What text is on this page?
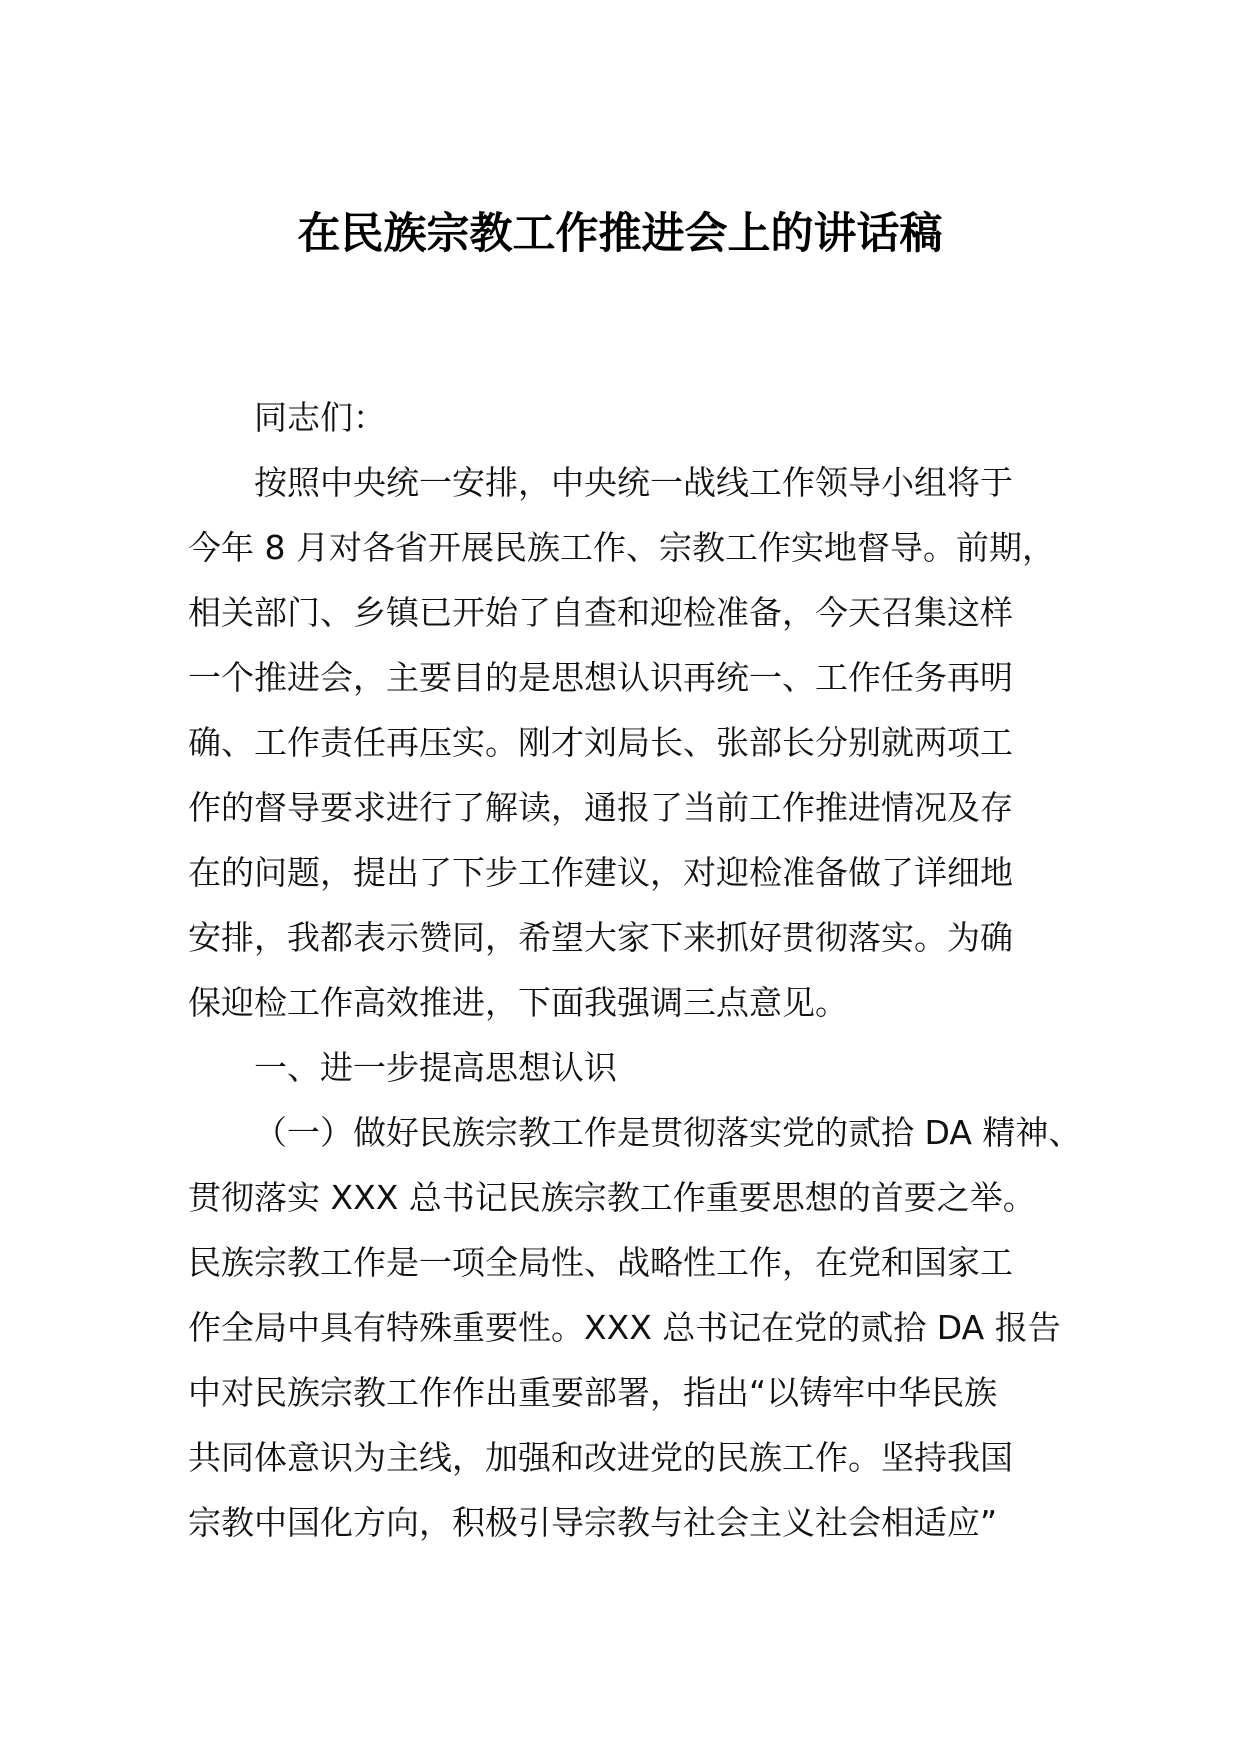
在民族宗教工作推进会上的讲话稿
同志们：
按照中央统一安排，中央统一战线工作领导小组将于
今年 8 月对各省开展民族工作、宗教工作实地督导。前期，
相关部门、乡镇已开始了自查和迎检准备，今天召集这样
一个推进会，主要目的是思想认识再统一、工作任务再明
确、工作责任再压实。刚才刘局长、张部长分别就两项工
作的督导要求进行了解读，通报了当前工作推进情况及存
在的问题，提出了下步工作建议，对迎检准备做了详细地
安排，我都表示赞同，希望大家下来抓好贯彻落实。为确
保迎检工作高效推进，下面我强调三点意见。
一、进一步提高思想认识
（一）做好民族宗教工作是贯彻落实党的贰拾 DA 精神、
贯彻落实 XXX 总书记民族宗教工作重要思想的首要之举。
民族宗教工作是一项全局性、战略性工作，在党和国家工
作全局中具有特殊重要性。XXX 总书记在党的贰拾 DA 报告
中对民族宗教工作作出重要部署，指出“以铸牢中华民族
共同体意识为主线，加强和改进党的民族工作。坚持我国
宗教中国化方向，积极引导宗教与社会主义社会相适应”
